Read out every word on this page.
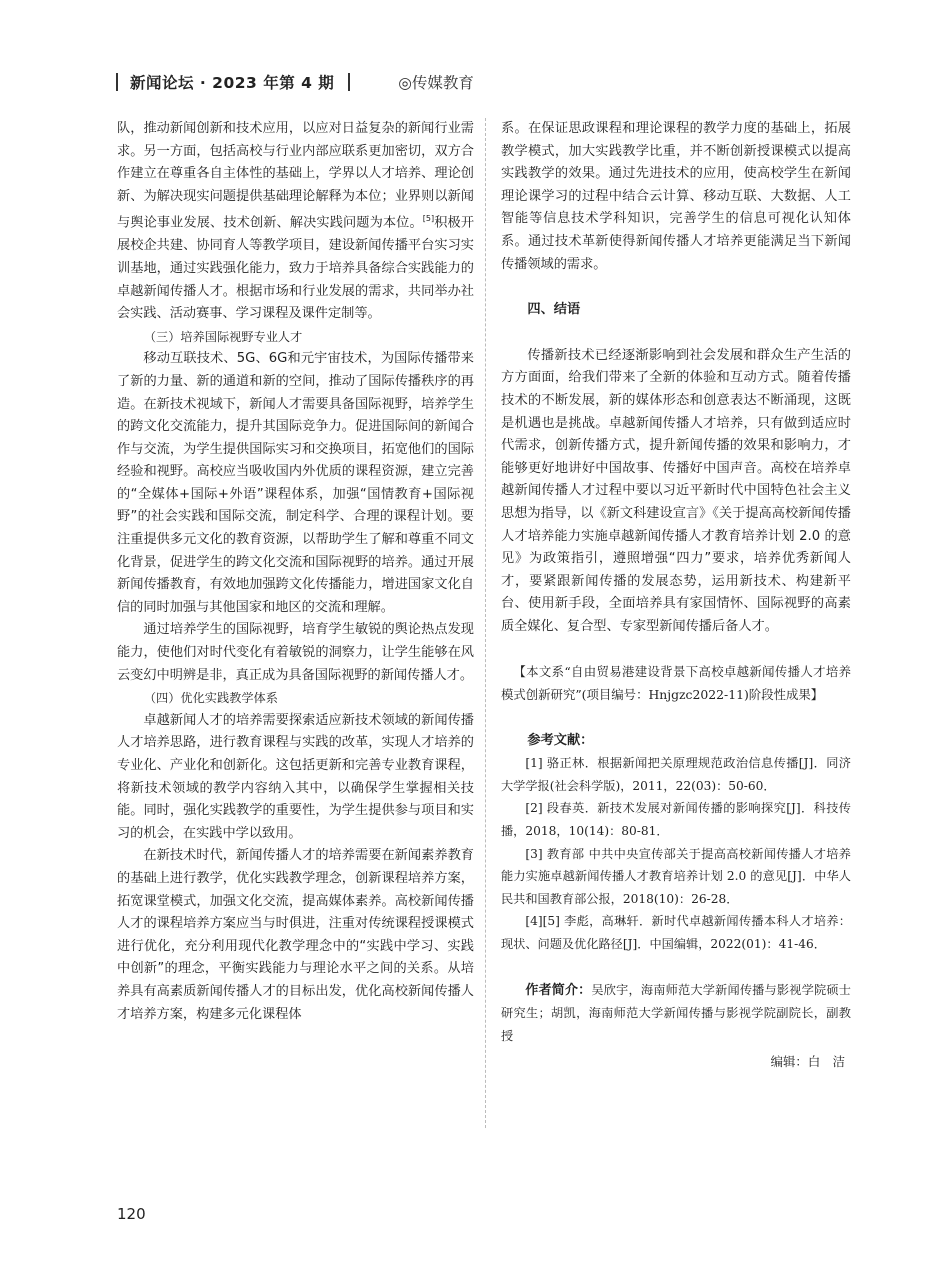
新闻论坛 · 2023 年第 4 期	◎传媒教育

队，推动新闻创新和技术应用，以应对日益复杂的新闻行业需求。另一方面，包括高校与行业内部应联系更加密切，双方合作建立在尊重各自主体性的基础上，学界以人才培养、理论创新、为解决现实问题提供基础理论解释为本位；业界则以新闻与舆论事业发展、技术创新、解决实践问题为本位。[5]积极开展校企共建、协同育人等教学项目，建设新闻传播平台实习实训基地，通过实践强化能力，致力于培养具备综合实践能力的卓越新闻传播人才。根据市场和行业发展的需求，共同举办社会实践、活动赛事、学习课程及课件定制等。

（三）培养国际视野专业人才

移动互联技术、5G、6G和元宇宙技术，为国际传播带来了新的力量、新的通道和新的空间，推动了国际传播秩序的再造。在新技术视域下，新闻人才需要具备国际视野，培养学生的跨文化交流能力，提升其国际竞争力。促进国际间的新闻合作与交流，为学生提供国际实习和交换项目，拓宽他们的国际经验和视野。高校应当吸收国内外优质的课程资源，建立完善的“全媒体+国际+外语”课程体系，加强“国情教育+国际视野”的社会实践和国际交流，制定科学、合理的课程计划。要注重提供多元文化的教育资源，以帮助学生了解和尊重不同文化背景，促进学生的跨文化交流和国际视野的培养。通过开展新闻传播教育，有效地加强跨文化传播能力，增进国家文化自信的同时加强与其他国家和地区的交流和理解。

通过培养学生的国际视野，培育学生敏锐的舆论热点发现能力，使他们对时代变化有着敏锐的洞察力，让学生能够在风云变幻中明辨是非，真正成为具备国际视野的新闻传播人才。

（四）优化实践教学体系

卓越新闻人才的培养需要探索适应新技术领域的新闻传播人才培养思路，进行教育课程与实践的改革，实现人才培养的专业化、产业化和创新化。这包括更新和完善专业教育课程，将新技术领域的教学内容纳入其中，以确保学生掌握相关技能。同时，强化实践教学的重要性，为学生提供参与项目和实习的机会，在实践中学以致用。

在新技术时代，新闻传播人才的培养需要在新闻素养教育的基础上进行教学，优化实践教学理念，创新课程培养方案，拓宽课堂模式，加强文化交流，提高媒体素养。高校新闻传播人才的课程培养方案应当与时俱进，注重对传统课程授课模式进行优化，充分利用现代化教学理念中的“实践中学习、实践中创新”的理念，平衡实践能力与理论水平之间的关系。从培养具有高素质新闻传播人才的目标出发，优化高校新闻传播人才培养方案，构建多元化课程体

系。在保证思政课程和理论课程的教学力度的基础上，拓展教学模式，加大实践教学比重，并不断创新授课模式以提高实践教学的效果。通过先进技术的应用，使高校学生在新闻理论课学习的过程中结合云计算、移动互联、大数据、人工智能等信息技术学科知识，完善学生的信息可视化认知体系。通过技术革新使得新闻传播人才培养更能满足当下新闻传播领域的需求。

四、结语

传播新技术已经逐渐影响到社会发展和群众生产生活的方方面面，给我们带来了全新的体验和互动方式。随着传播技术的不断发展，新的媒体形态和创意表达不断涌现，这既是机遇也是挑战。卓越新闻传播人才培养，只有做到适应时代需求，创新传播方式，提升新闻传播的效果和影响力，才能够更好地讲好中国故事、传播好中国声音。高校在培养卓越新闻传播人才过程中要以习近平新时代中国特色社会主义思想为指导，以《新文科建设宣言》《关于提高高校新闻传播人才培养能力实施卓越新闻传播人才教育培养计划 2.0 的意见》为政策指引，遵照增强“四力”要求，培养优秀新闻人才，要紧跟新闻传播的发展态势，运用新技术、构建新平台、使用新手段，全面培养具有家国情怀、国际视野的高素质全媒化、复合型、专家型新闻传播后备人才。

【本文系“自由贸易港建设背景下高校卓越新闻传播人才培养模式创新研究”(项目编号：Hnjgzc2022-11)阶段性成果】

参考文献：

[1] 骆正林．根据新闻把关原理规范政治信息传播[J]．同济大学学报(社会科学版)，2011，22(03)：50-60．

[2] 段春英．新技术发展对新闻传播的影响探究[J]．科技传播，2018，10(14)：80-81．

[3] 教育部 中共中央宣传部关于提高高校新闻传播人才培养能力实施卓越新闻传播人才教育培养计划 2.0 的意见[J]．中华人民共和国教育部公报，2018(10)：26-28．

[4][5] 李彪，高琳轩．新时代卓越新闻传播本科人才培养：现状、问题及优化路径[J]．中国编辑，2022(01)：41-46．

作者简介：吴欣宇，海南师范大学新闻传播与影视学院硕士研究生；胡凯，海南师范大学新闻传播与影视学院副院长，副教授

编辑：白　洁

120
